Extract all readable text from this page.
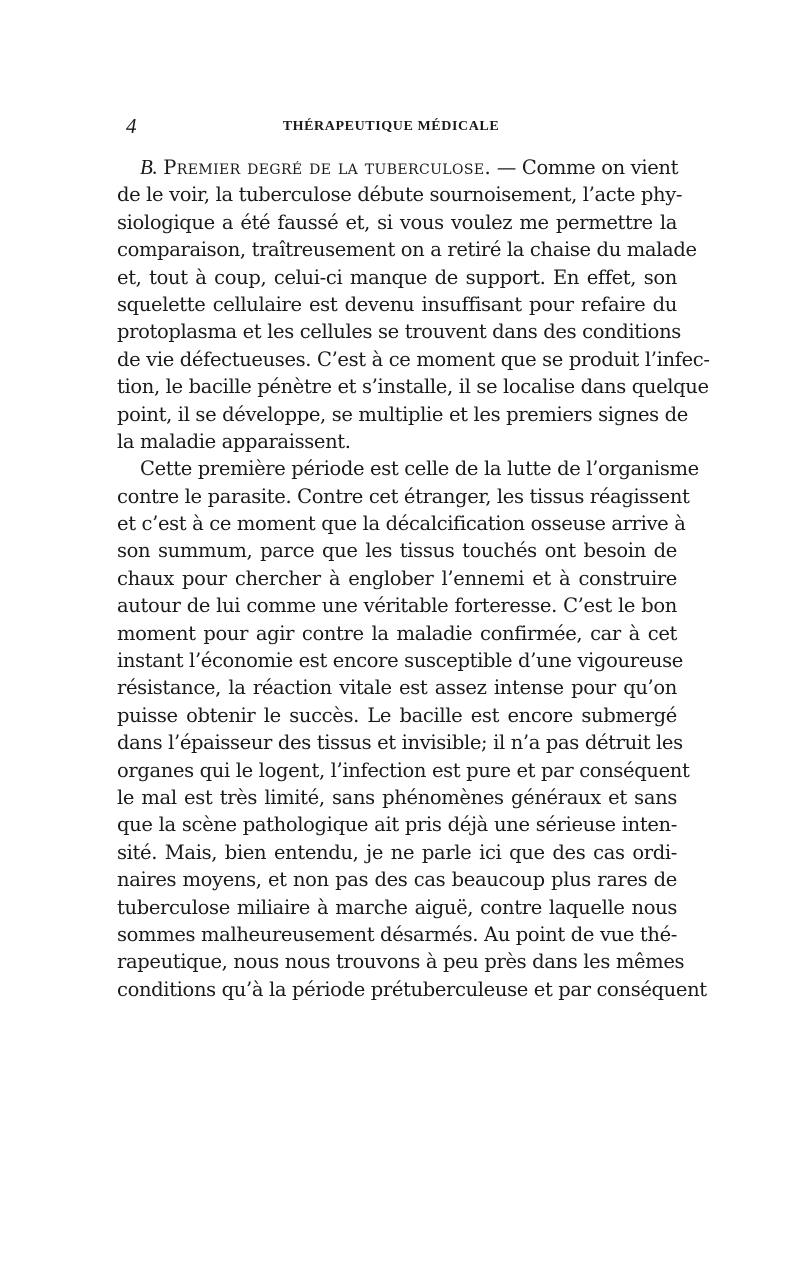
4	THÉRAPEUTIQUE MÉDICALE
B. Premier degré de la tuberculose. — Comme on vient
de le voir, la tuberculose débute sournoisement, l’acte phy-
siologique a été faussé et, si vous voulez me permettre la
comparaison, traîtreusement on a retiré la chaise du malade
et, tout à coup, celui-ci manque de support. En effet, son
squelette cellulaire est devenu insuffisant pour refaire du
protoplasma et les cellules se trouvent dans des conditions
de vie défectueuses. C’est à ce moment que se produit l’infec-
tion, le bacille pénètre et s’installe, il se localise dans quelque
point, il se développe, se multiplie et les premiers signes de
la maladie apparaissent.
Cette première période est celle de la lutte de l’organisme
contre le parasite. Contre cet étranger, les tissus réagissent
et c’est à ce moment que la décalcification osseuse arrive à
son summum, parce que les tissus touchés ont besoin de
chaux pour chercher à englober l’ennemi et à construire
autour de lui comme une véritable forteresse. C’est le bon
moment pour agir contre la maladie confirmée, car à cet
instant l’économie est encore susceptible d’une vigoureuse
résistance, la réaction vitale est assez intense pour qu’on
puisse obtenir le succès. Le bacille est encore submergé
dans l’épaisseur des tissus et invisible; il n’a pas détruit les
organes qui le logent, l’infection est pure et par conséquent
le mal est très limité, sans phénomènes généraux et sans
que la scène pathologique ait pris déjà une sérieuse inten-
sité. Mais, bien entendu, je ne parle ici que des cas ordi-
naires moyens, et non pas des cas beaucoup plus rares de
tuberculose miliaire à marche aiguë, contre laquelle nous
sommes malheureusement désarmés. Au point de vue thé-
rapeutique, nous nous trouvons à peu près dans les mêmes
conditions qu’à la période prétuberculeuse et par conséquent
